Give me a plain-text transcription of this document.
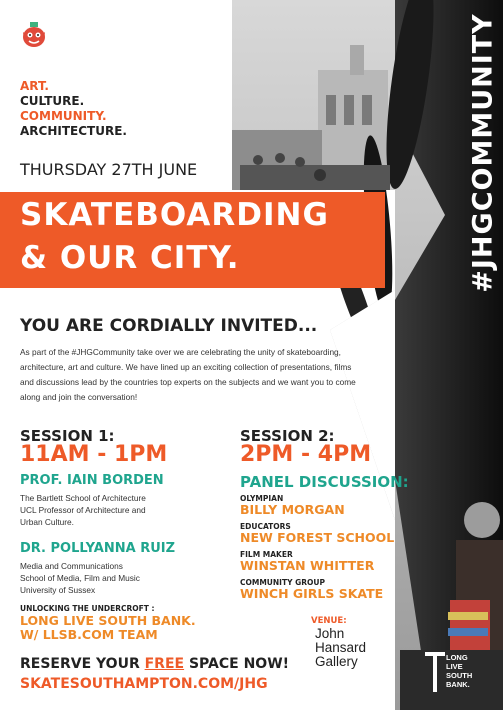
#JHGCOMMUNITY
ART.
CULTURE.
COMMUNITY.
ARCHITECTURE.
THURSDAY 27TH JUNE
SKATEBOARDING
& OUR CITY.
YOU ARE CORDIALLY INVITED...
As part of the #JHGCommunity take over we are celebrating the unity of skateboarding, architecture, art and culture. We have lined up an exciting collection of presentations, films and discussions lead by the countries top experts on the subjects and we want you to come along and join the conversation!
SESSION 1:
11AM - 1PM
PROF. IAIN BORDEN
The Bartlett School of Architecture
UCL Professor of Architecture and
Urban Culture.
DR. POLLYANNA RUIZ
Media and Communications
School of Media, Film and Music
University of Sussex
UNLOCKING THE UNDERCROFT :
LONG LIVE SOUTH BANK.
W/ LLSB.COM TEAM
SESSION 2:
2PM - 4PM
PANEL DISCUSSION:
OLYMPIAN
BILLY MORGAN
EDUCATORS
NEW FOREST SCHOOL
FILM MAKER
WINSTAN WHITTER
COMMUNITY GROUP
WINCH GIRLS SKATE
VENUE:
John
Hansard
Gallery	LONG
LIVE
SOUTH
BANK.
RESERVE YOUR FREE SPACE NOW!
SKATESOUTHAMPTON.COM/JHG
